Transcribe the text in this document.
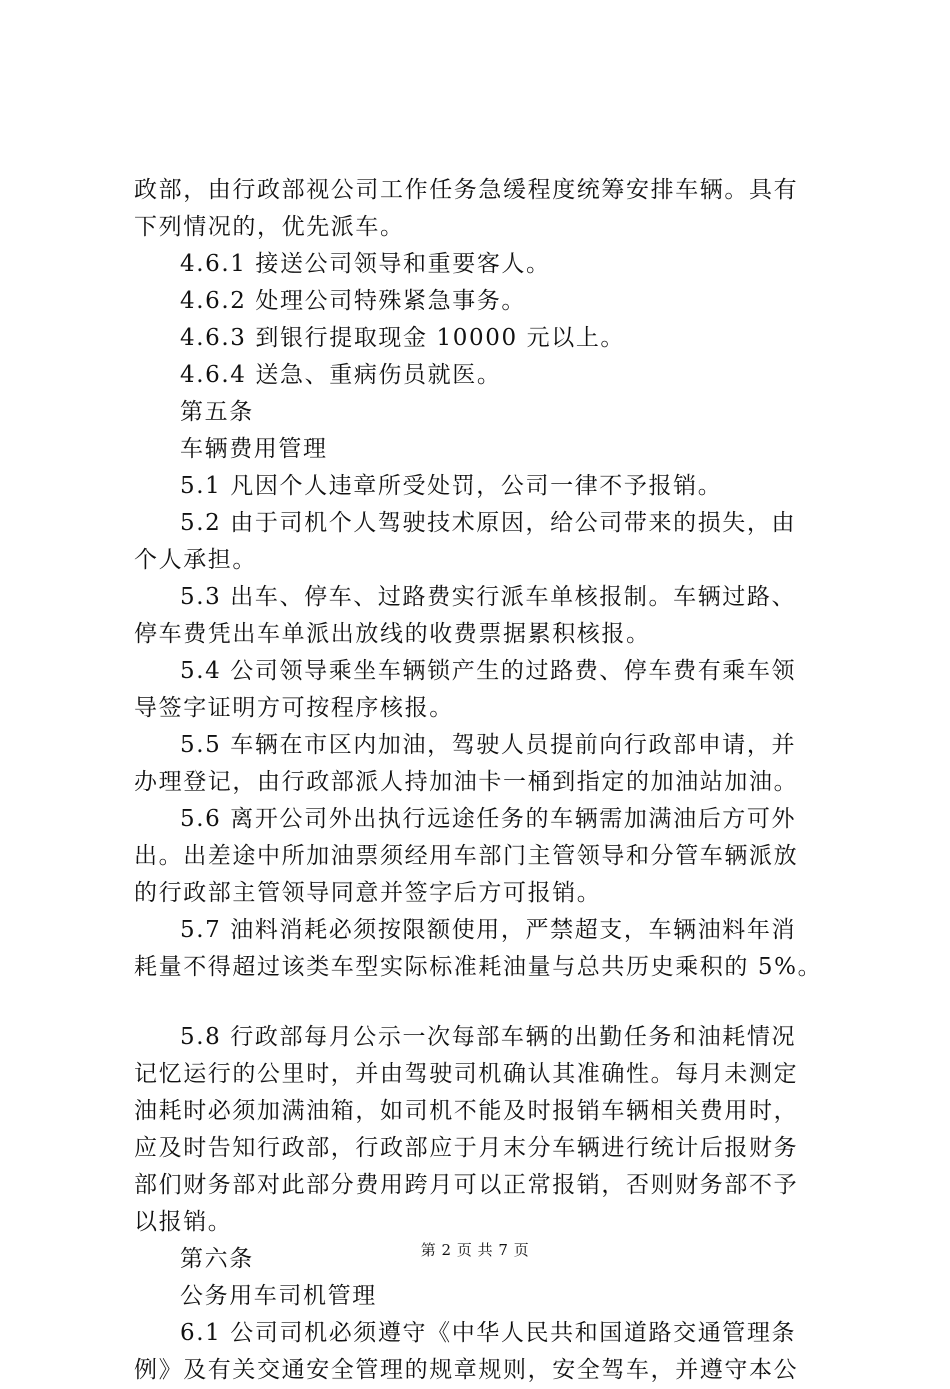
政部，由行政部视公司工作任务急缓程度统筹安排车辆。具有
下列情况的，优先派车。
4.6.1 接送公司领导和重要客人。
4.6.2 处理公司特殊紧急事务。
4.6.3 到银行提取现金 10000 元以上。
4.6.4 送急、重病伤员就医。
第五条
车辆费用管理
5.1 凡因个人违章所受处罚，公司一律不予报销。
5.2 由于司机个人驾驶技术原因，给公司带来的损失，由
个人承担。
5.3 出车、停车、过路费实行派车单核报制。车辆过路、
停车费凭出车单派出放线的收费票据累积核报。
5.4 公司领导乘坐车辆锁产生的过路费、停车费有乘车领
导签字证明方可按程序核报。
5.5 车辆在市区内加油，驾驶人员提前向行政部申请，并
办理登记，由行政部派人持加油卡一桶到指定的加油站加油。
5.6 离开公司外出执行远途任务的车辆需加满油后方可外
出。出差途中所加油票须经用车部门主管领导和分管车辆派放
的行政部主管领导同意并签字后方可报销。
5.7 油料消耗必须按限额使用，严禁超支，车辆油料年消
耗量不得超过该类车型实际标准耗油量与总共历史乘积的 5%。
5.8 行政部每月公示一次每部车辆的出勤任务和油耗情况
记忆运行的公里时，并由驾驶司机确认其准确性。每月未测定
油耗时必须加满油箱，如司机不能及时报销车辆相关费用时，
应及时告知行政部，行政部应于月末分车辆进行统计后报财务
部们财务部对此部分费用跨月可以正常报销，否则财务部不予
以报销。
第六条
公务用车司机管理
6.1 公司司机必须遵守《中华人民共和国道路交通管理条
例》及有关交通安全管理的规章规则，安全驾车，并遵守本公
第 2 页 共 7 页
